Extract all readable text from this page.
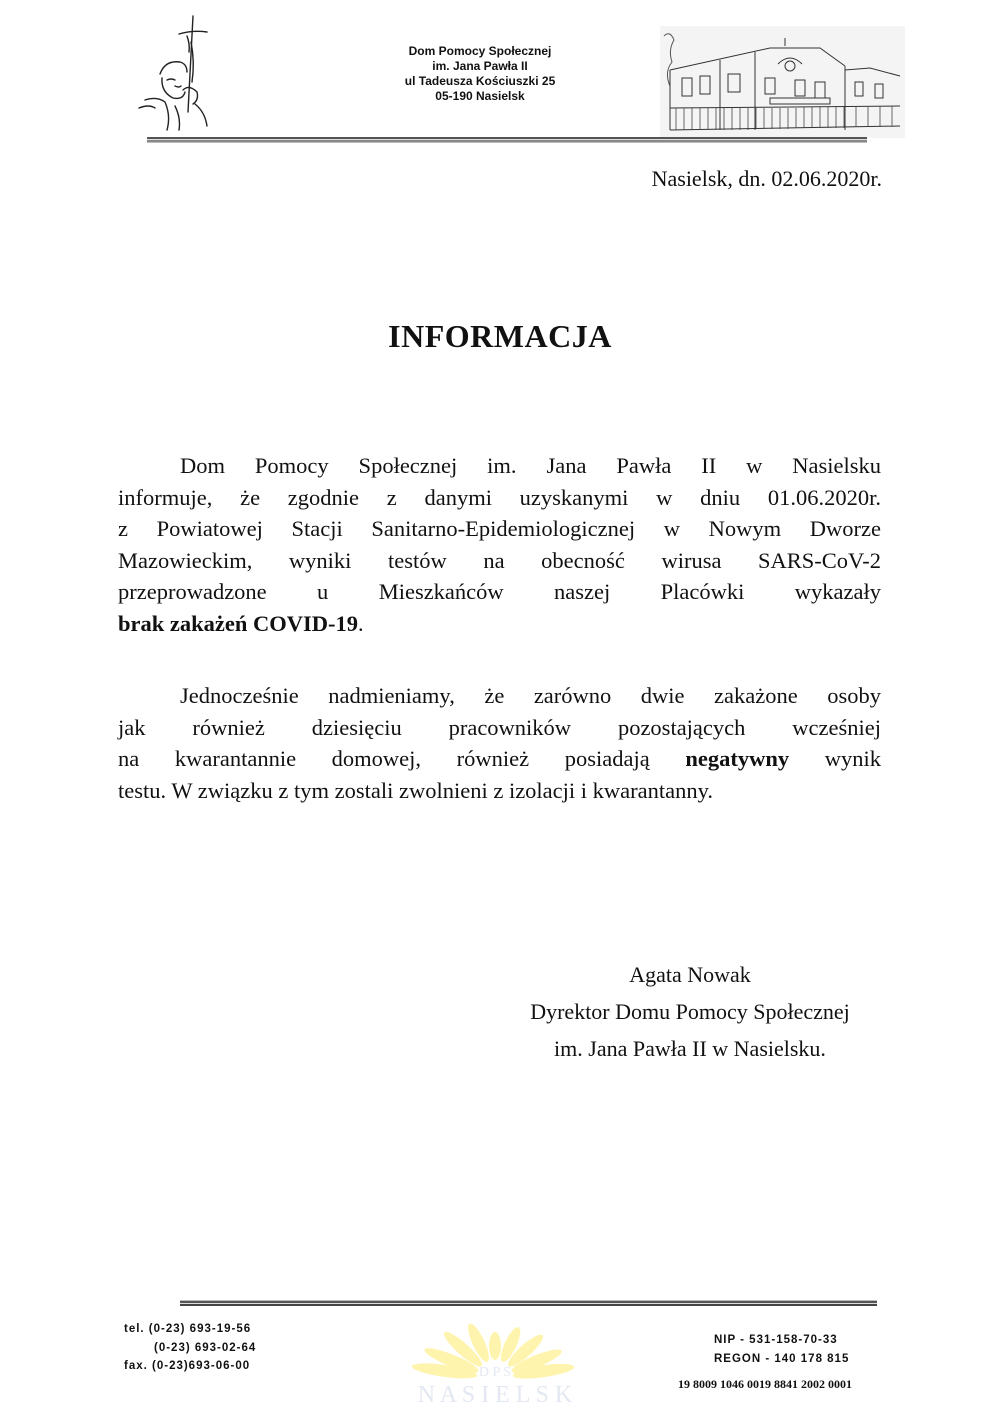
Dom Pomocy Społecznej
im. Jana Pawła II
ul Tadeusza Kościuszki 25
05-190 Nasielsk
Nasielsk, dn. 02.06.2020r.
INFORMACJA
Dom Pomocy Społecznej im. Jana Pawła II w Nasielsku
informuje, że zgodnie z danymi uzyskanymi w dniu 01.06.2020r.
z Powiatowej Stacji Sanitarno-Epidemiologicznej w Nowym Dworze
Mazowieckim, wyniki testów na obecność wirusa SARS-CoV-2
przeprowadzone u Mieszkańców naszej Placówki wykazały
brak zakażeń COVID-19.
Jednocześnie nadmieniamy, że zarówno dwie zakażone osoby
jak również dziesięciu pracowników pozostających wcześniej
na kwarantannie domowej, również posiadają negatywny wynik
testu. W związku z tym zostali zwolnieni z izolacji i kwarantanny.
Agata Nowak
Dyrektor Domu Pomocy Społecznej
im. Jana Pawła II w Nasielsku.
tel. (0-23) 693-19-56
(0-23) 693-02-64
fax. (0-23)693-06-00	D P S
N A S I E L S K
NIP - 531-158-70-33
REGON - 140 178 815
19 8009 1046 0019 8841 2002 0001
